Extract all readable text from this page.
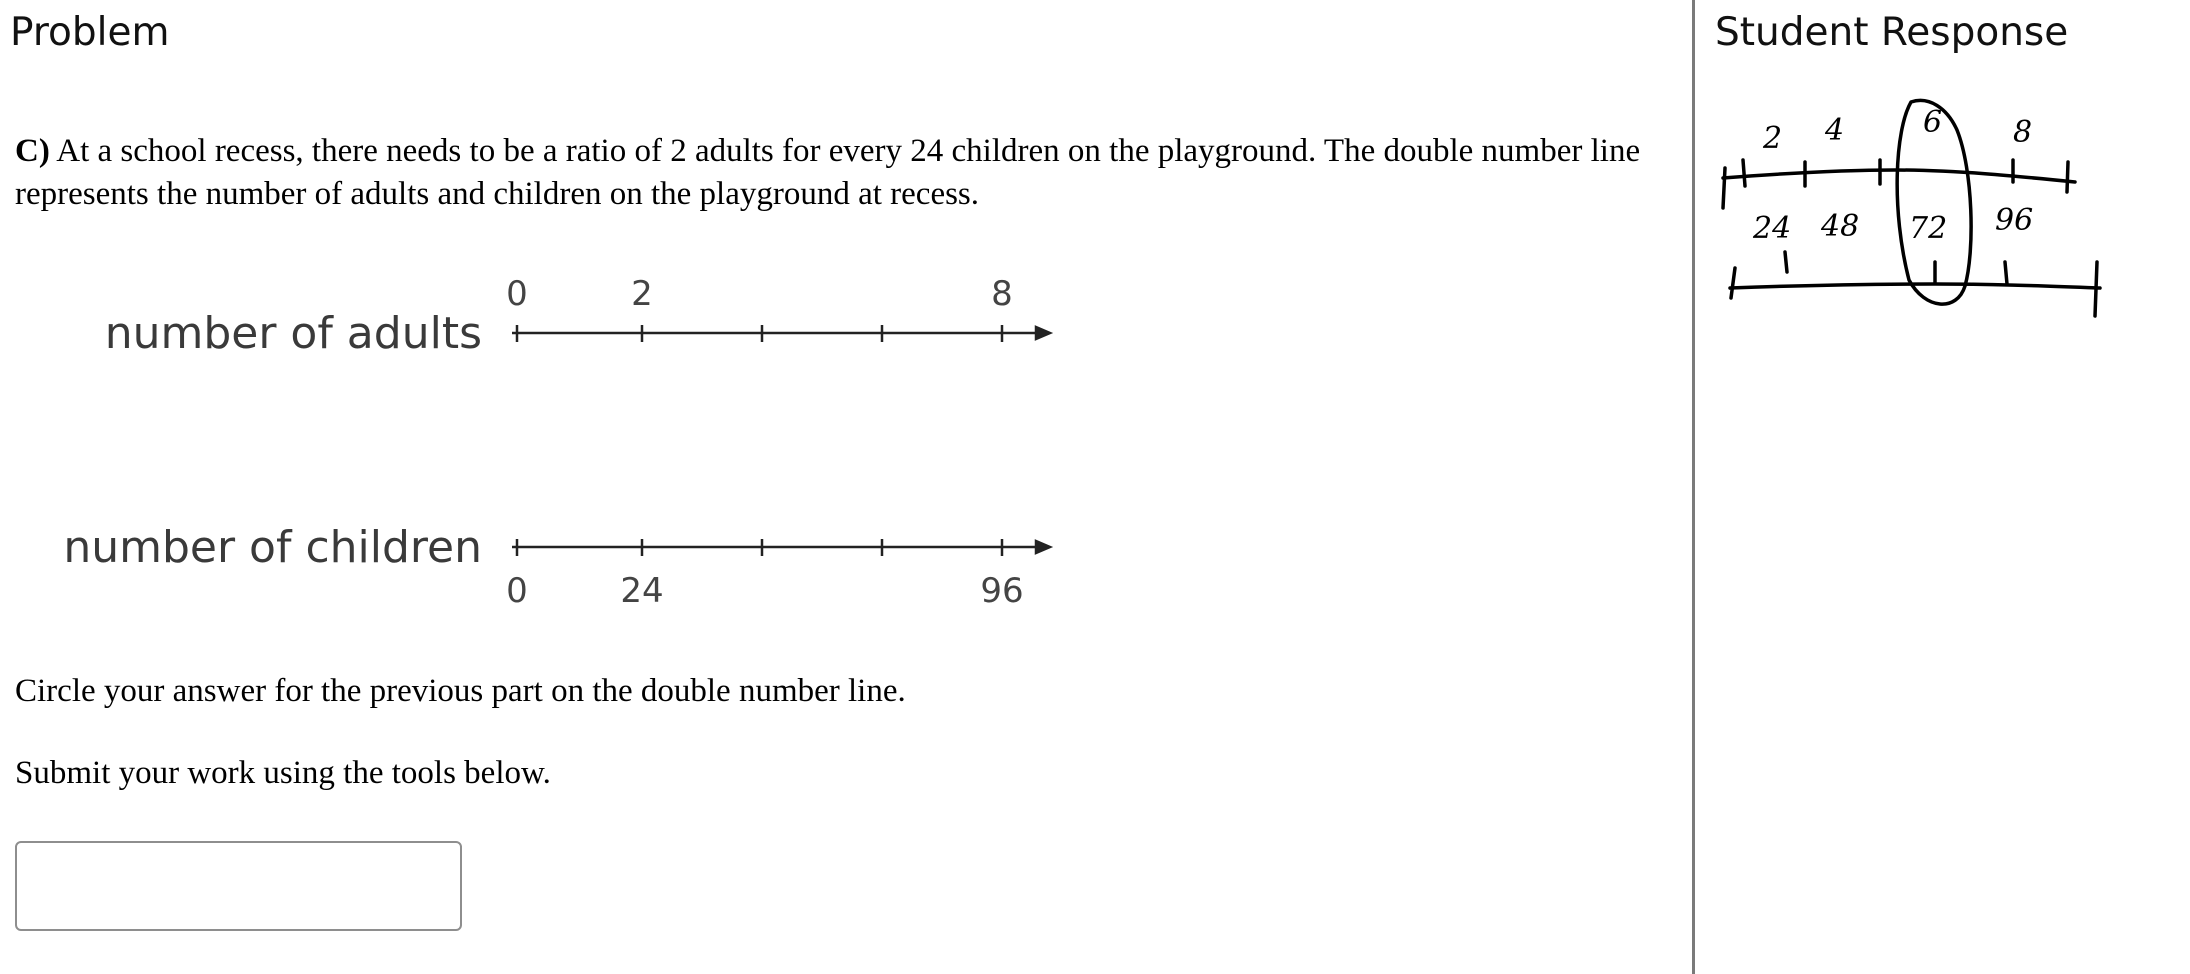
Problem
C) At a school recess, there needs to be a ratio of 2 adults for every 24 children on the playground. The double number line represents the number of adults and children on the playground at recess.
number of adults
0	2	8
number of children
0	24	96
Circle your answer for the previous part on the double number line.
Submit your work using the tools below.
Student Response
2 4	6 8
24 48 72 96
